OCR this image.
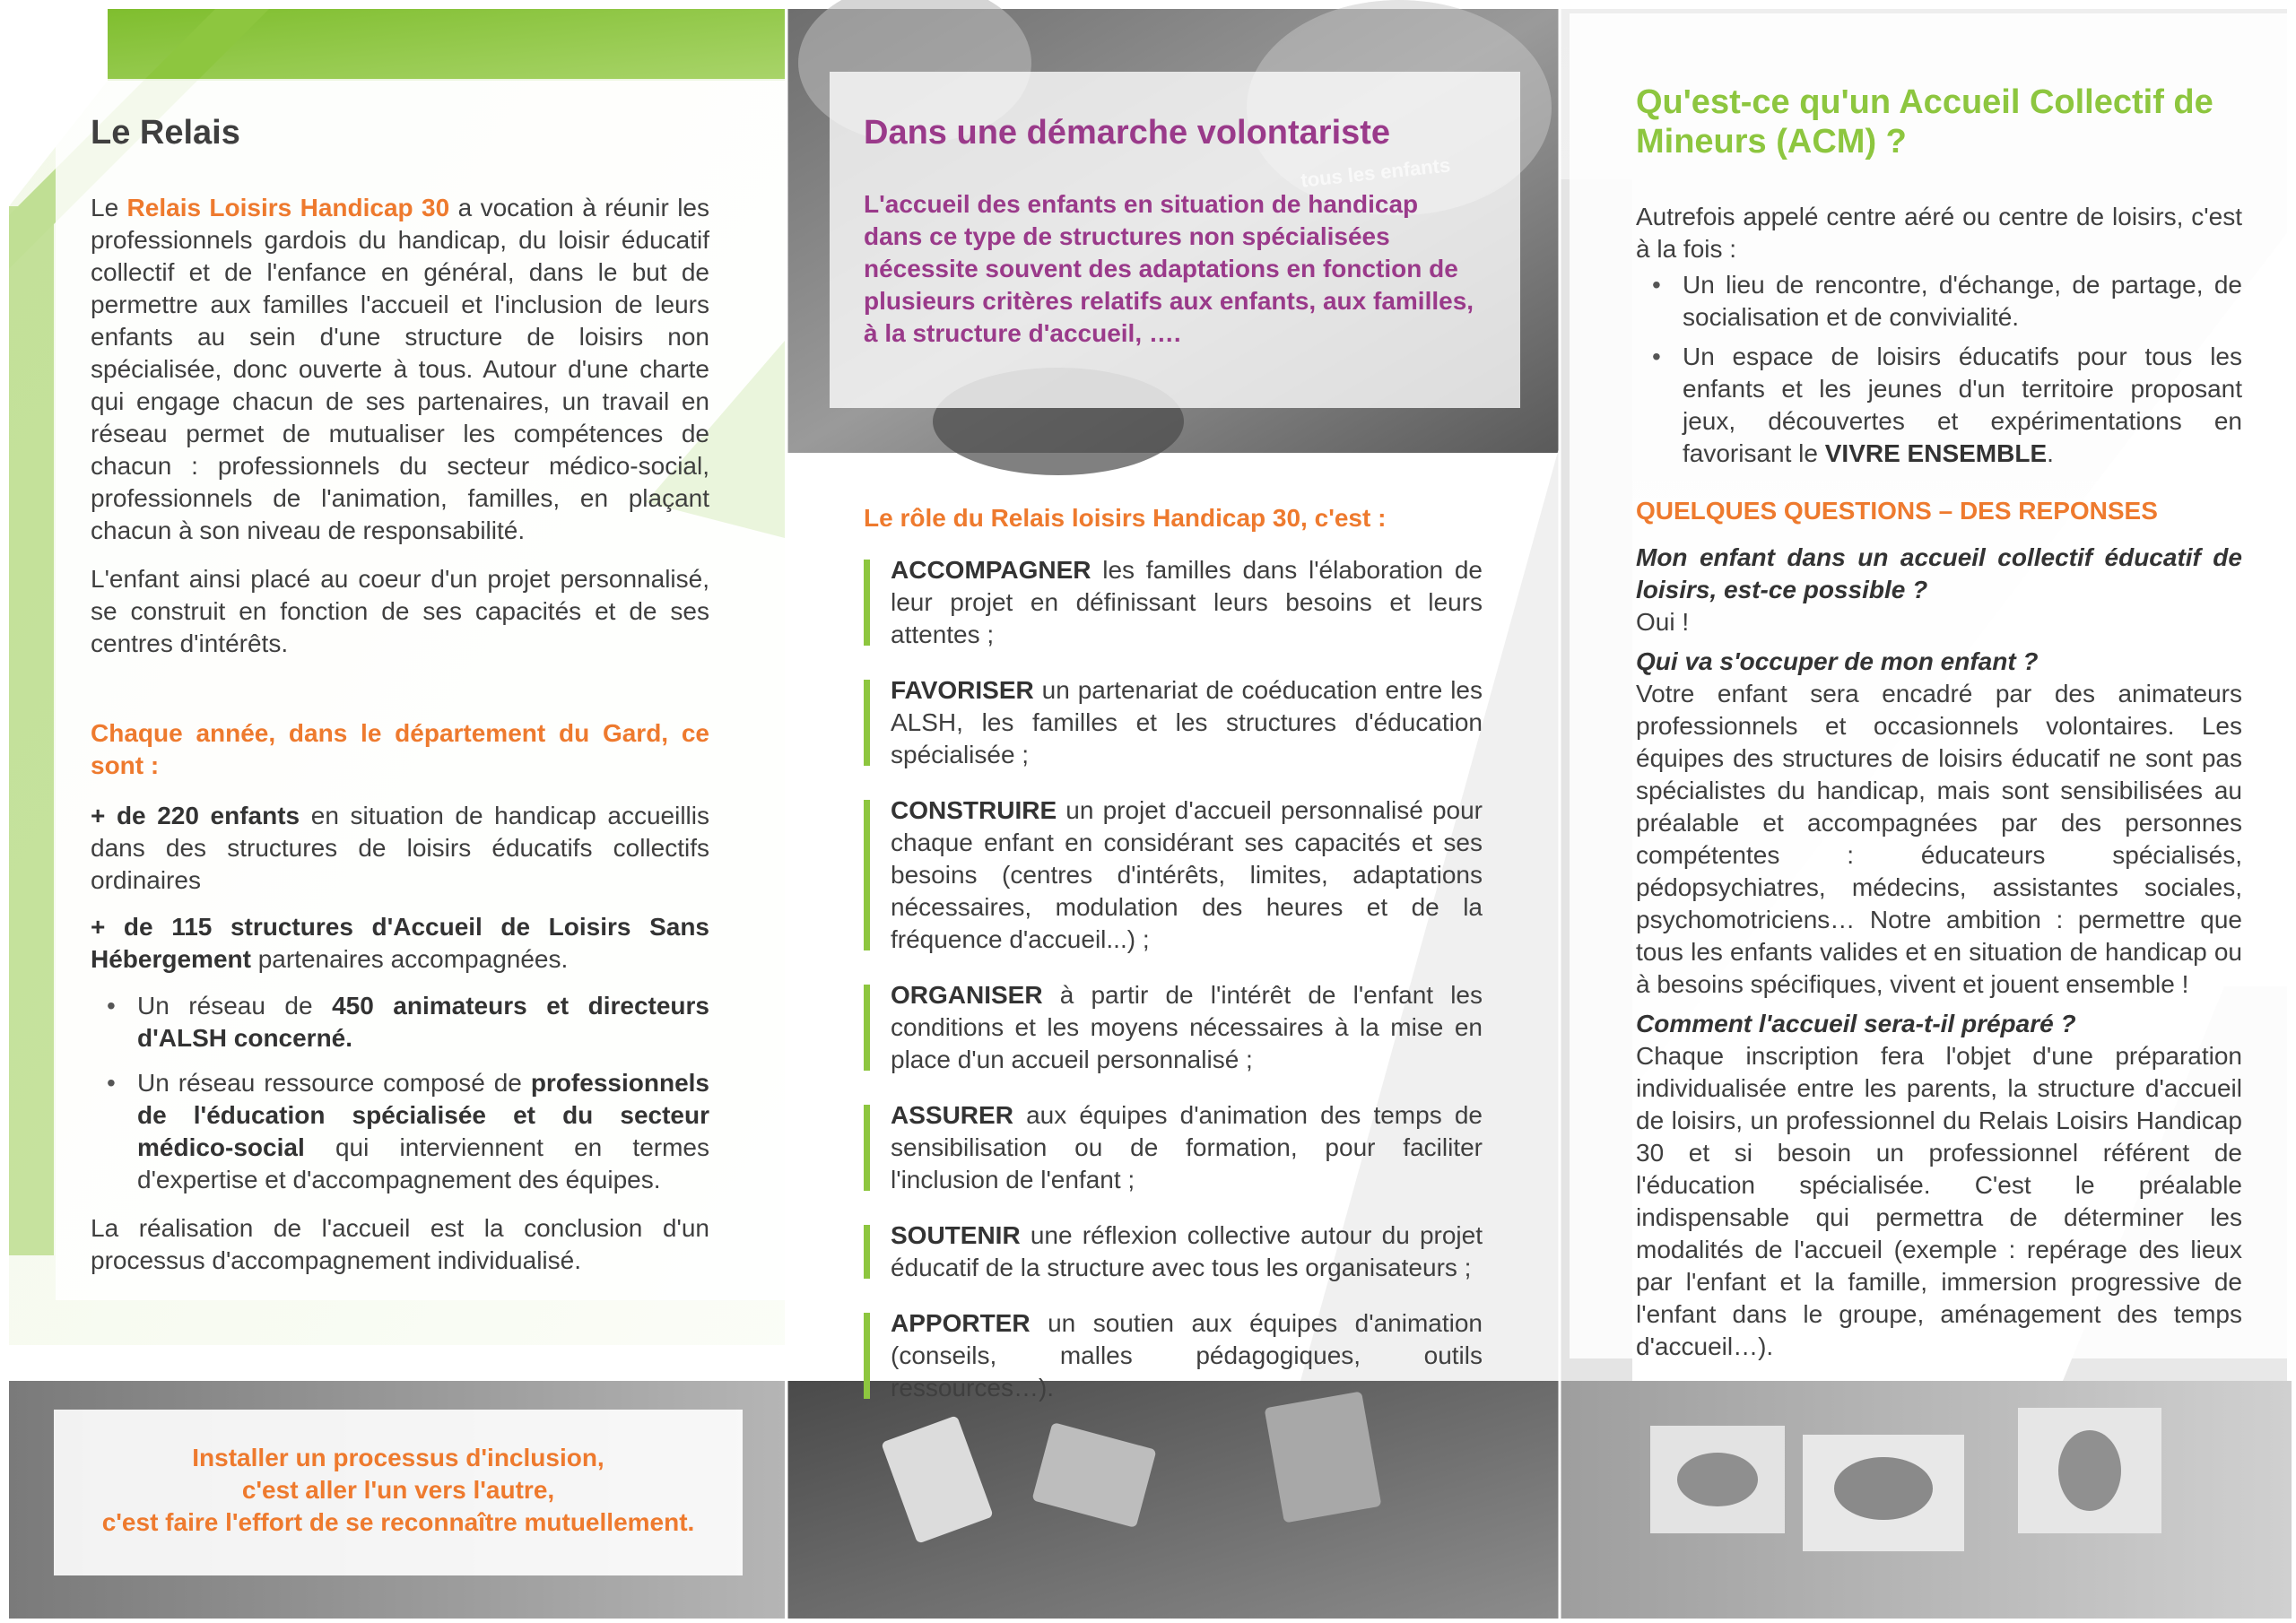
Le Relais

Le Relais Loisirs Handicap 30 a vocation à réunir les professionnels gardois du handicap, du loisir éducatif collectif et de l'enfance en général, dans le but de permettre aux familles l'accueil et l'inclusion de leurs enfants au sein d'une structure de loisirs non spécialisée, donc ouverte à tous. Autour d'une charte qui engage chacun de ses partenaires, un travail en réseau permet de mutualiser les compétences de chacun : professionnels du secteur médico-social, professionnels de l'animation, familles, en plaçant chacun à son niveau de responsabilité.

L'enfant ainsi placé au coeur d'un projet personnalisé, se construit en fonction de ses capacités et de ses centres d'intérêts.

Chaque année, dans le département du Gard, ce sont :

+ de 220 enfants en situation de handicap accueillis dans des structures de loisirs éducatifs collectifs ordinaires

+ de 115 structures d'Accueil de Loisirs Sans Hébergement partenaires accompagnées.

• Un réseau de 450 animateurs et directeurs d'ALSH concerné.
• Un réseau ressource composé de professionnels de l'éducation spécialisée et du secteur médico-social qui interviennent en termes d'expertise et d'accompagnement des équipes.

La réalisation de l'accueil est la conclusion d'un processus d'accompagnement individualisé.

Dans une démarche volontariste

L'accueil des enfants en situation de handicap dans ce type de structures non spécialisées nécessite souvent des adaptations en fonction de plusieurs critères relatifs aux enfants, aux familles, à la structure d'accueil, ….

tous les enfants
Le rôle du Relais loisirs Handicap 30, c'est :
ACCOMPAGNER les familles dans l'élaboration de leur projet en définissant leurs besoins et leurs attentes ;
FAVORISER un partenariat de coéducation entre les ALSH, les familles et les structures d'éducation spécialisée ;
CONSTRUIRE un projet d'accueil personnalisé pour chaque enfant en considérant ses capacités et ses besoins (centres d'intérêts, limites, adaptations nécessaires, modulation des heures et de la fréquence d'accueil...) ;
ORGANISER à partir de l'intérêt de l'enfant les conditions et les moyens nécessaires à la mise en place d'un accueil personnalisé ;
ASSURER aux équipes d'animation des temps de sensibilisation ou de formation, pour faciliter l'inclusion de l'enfant ;
SOUTENIR une réflexion collective autour du projet éducatif de la structure avec tous les organisateurs ;
APPORTER un soutien aux équipes d'animation (conseils, malles pédagogiques, outils ressources…).
Qu'est-ce qu'un Accueil Collectif de Mineurs (ACM) ?

Autrefois appelé centre aéré ou centre de loisirs, c'est à la fois :

• Un lieu de rencontre, d'échange, de partage, de socialisation et de convivialité.
• Un espace de loisirs éducatifs pour tous les enfants et les jeunes d'un territoire proposant jeux, découvertes et expérimentations en favorisant le VIVRE ENSEMBLE.
QUELQUES QUESTIONS – DES REPONSES

Mon enfant dans un accueil collectif éducatif de loisirs, est-ce possible ?

Oui !

Qui va s'occuper de mon enfant ?

Votre enfant sera encadré par des animateurs professionnels et occasionnels volontaires. Les équipes des structures de loisirs éducatif ne sont pas spécialistes du handicap, mais sont sensibilisées au préalable et accompagnées par des personnes compétentes : éducateurs spécialisés, pédopsychiatres, médecins, assistantes sociales, psychomotriciens… Notre ambition : permettre que tous les enfants valides et en situation de handicap ou à besoins spécifiques, vivent et jouent ensemble !

Comment l'accueil sera-t-il préparé ?

Chaque inscription fera l'objet d'une préparation individualisée entre les parents, la structure d'accueil de loisirs, un professionnel du Relais Loisirs Handicap 30 et si besoin un professionnel référent de l'éducation spécialisée. C'est le préalable indispensable qui permettra de déterminer les modalités de l'accueil (exemple : repérage des lieux par l'enfant et la famille, immersion progressive de l'enfant dans le groupe, aménagement des temps d'accueil…).

Installer un processus d'inclusion,
c'est aller l'un vers l'autre,
c'est faire l'effort de se reconnaître mutuellement.
